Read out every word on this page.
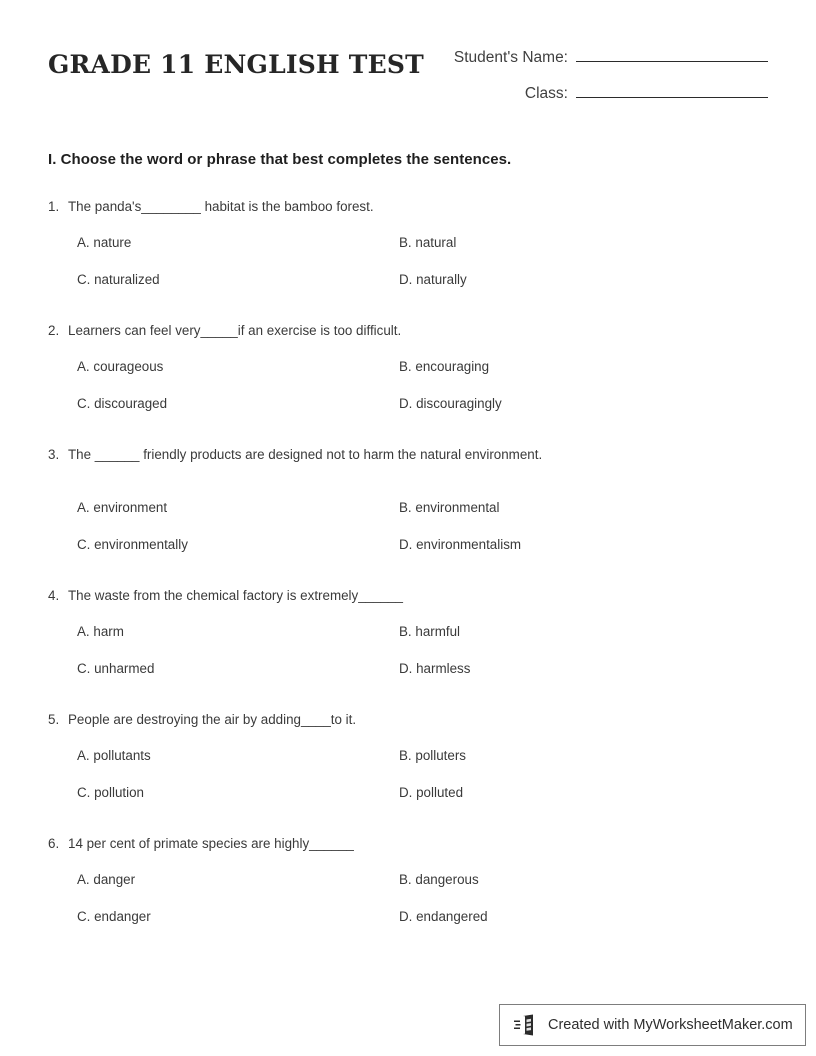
GRADE 11 ENGLISH TEST Student's Name:
Class:
I. Choose the word or phrase that best completes the sentences.
1. The panda's________ habitat is the bamboo forest.
A. nature	B. natural
C. naturalized	D. naturally
2. Learners can feel very_____if an exercise is too difficult.
A. courageous	B. encouraging
C. discouraged	D. discouragingly
3. The ______ friendly products are designed not to harm the natural environment.
A. environment	B. environmental
C. environmentally	D. environmentalism
4. The waste from the chemical factory is extremely______
A. harm	B. harmful
C. unharmed	D. harmless
5. People are destroying the air by adding____to it.
A. pollutants	B. polluters
C. pollution	D. polluted
6. 14 per cent of primate species are highly______
A. danger	B. dangerous
C. endanger	D. endangered
Created with MyWorksheetMaker.com
